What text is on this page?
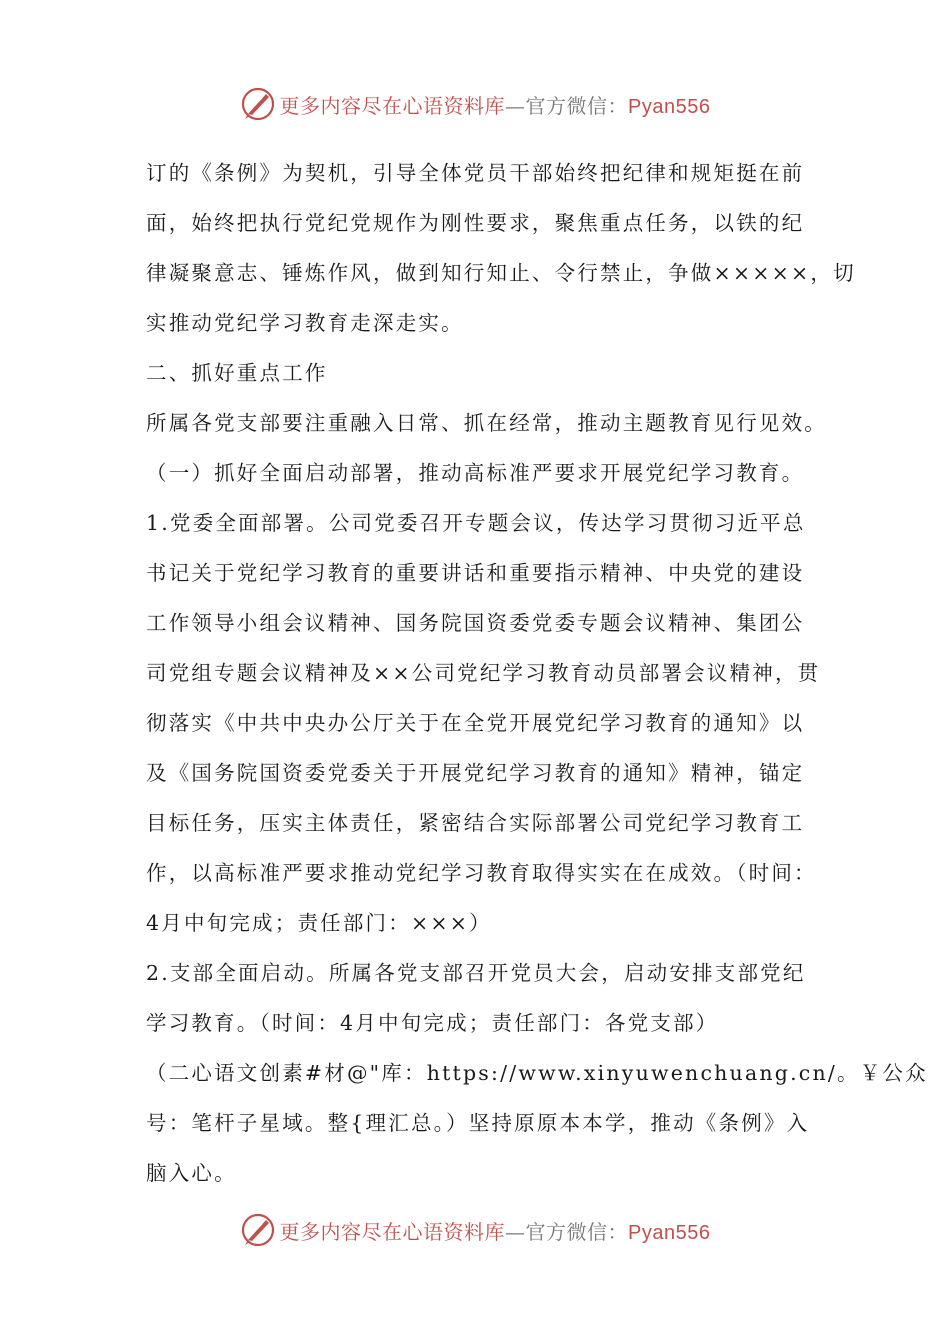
更多内容尽在心语资料库—官方微信：Pyan556

订的《条例》为契机，引导全体党员干部始终把纪律和规矩挺在前

面，始终把执行党纪党规作为刚性要求，聚焦重点任务，以铁的纪

律凝聚意志、锤炼作风，做到知行知止、令行禁止，争做×××××，切

实推动党纪学习教育走深走实。

二、抓好重点工作

所属各党支部要注重融入日常、抓在经常，推动主题教育见行见效。

（一）抓好全面启动部署，推动高标准严要求开展党纪学习教育。

1.党委全面部署。公司党委召开专题会议，传达学习贯彻习近平总

书记关于党纪学习教育的重要讲话和重要指示精神、中央党的建设

工作领导小组会议精神、国务院国资委党委专题会议精神、集团公

司党组专题会议精神及××公司党纪学习教育动员部署会议精神，贯

彻落实《中共中央办公厅关于在全党开展党纪学习教育的通知》以

及《国务院国资委党委关于开展党纪学习教育的通知》精神，锚定

目标任务，压实主体责任，紧密结合实际部署公司党纪学习教育工

作，以高标准严要求推动党纪学习教育取得实实在在成效。（时间：

4月中旬完成；责任部门：×××）

2.支部全面启动。所属各党支部召开党员大会，启动安排支部党纪

学习教育。（时间：4月中旬完成；责任部门：各党支部）

（二心语文创素#材@"库：https://www.xinyuwenchuang.cn/。￥公众

号：笔杆子星域。整{理汇总。）坚持原原本本学，推动《条例》入

脑入心。

更多内容尽在心语资料库—官方微信：Pyan556
